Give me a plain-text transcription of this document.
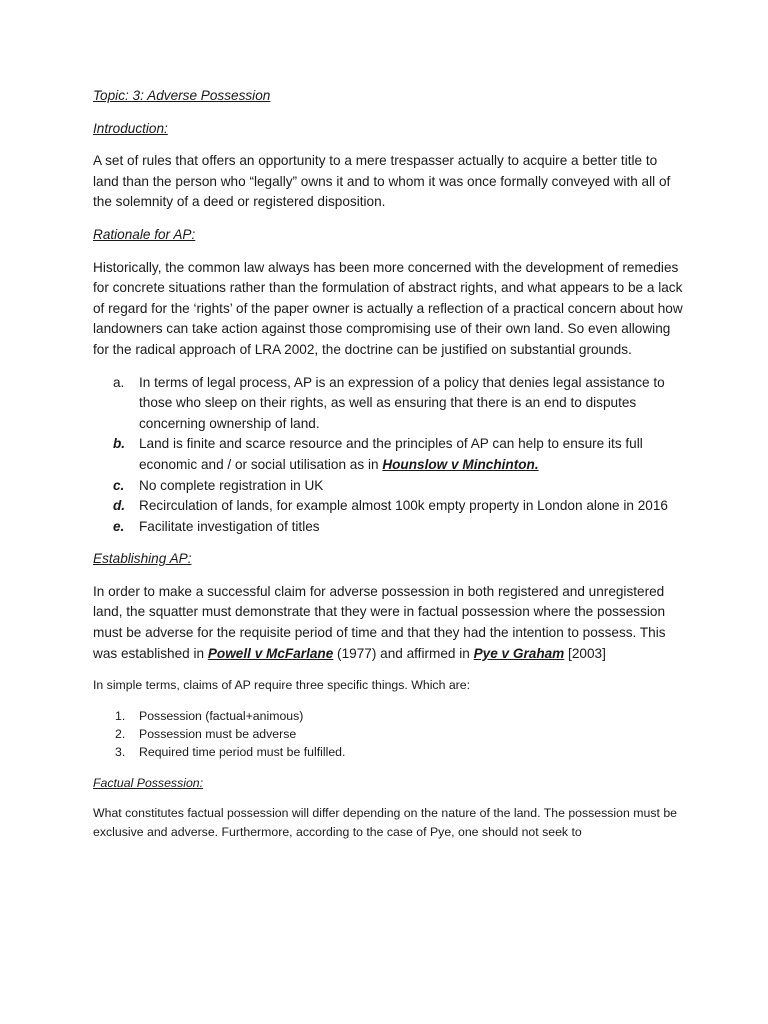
Topic: 3: Adverse Possession

Introduction:

A set of rules that offers an opportunity to a mere trespasser actually to acquire a better title to land than the person who “legally” owns it and to whom it was once formally conveyed with all of the solemnity of a deed or registered disposition.

Rationale for AP:

Historically, the common law always has been more concerned with the development of remedies for concrete situations rather than the formulation of abstract rights, and what appears to be a lack of regard for the ‘rights’ of the paper owner is actually a reflection of a practical concern about how landowners can take action against those compromising use of their own land. So even allowing for the radical approach of LRA 2002, the doctrine can be justified on substantial grounds.

a. In terms of legal process, AP is an expression of a policy that denies legal assistance to those who sleep on their rights, as well as ensuring that there is an end to disputes concerning ownership of land.
b. Land is finite and scarce resource and the principles of AP can help to ensure its full economic and / or social utilisation as in Hounslow v Minchinton.
c. No complete registration in UK
d. Recirculation of lands, for example almost 100k empty property in London alone in 2016
e. Facilitate investigation of titles

Establishing AP:

In order to make a successful claim for adverse possession in both registered and unregistered land, the squatter must demonstrate that they were in factual possession where the possession must be adverse for the requisite period of time and that they had the intention to possess. This was established in Powell v McFarlane (1977) and affirmed in Pye v Graham [2003]

In simple terms, claims of AP require three specific things. Which are:

1. Possession (factual+animous)
2. Possession must be adverse
3. Required time period must be fulfilled.

Factual Possession:

What constitutes factual possession will differ depending on the nature of the land. The possession must be exclusive and adverse. Furthermore, according to the case of Pye, one should not seek to
